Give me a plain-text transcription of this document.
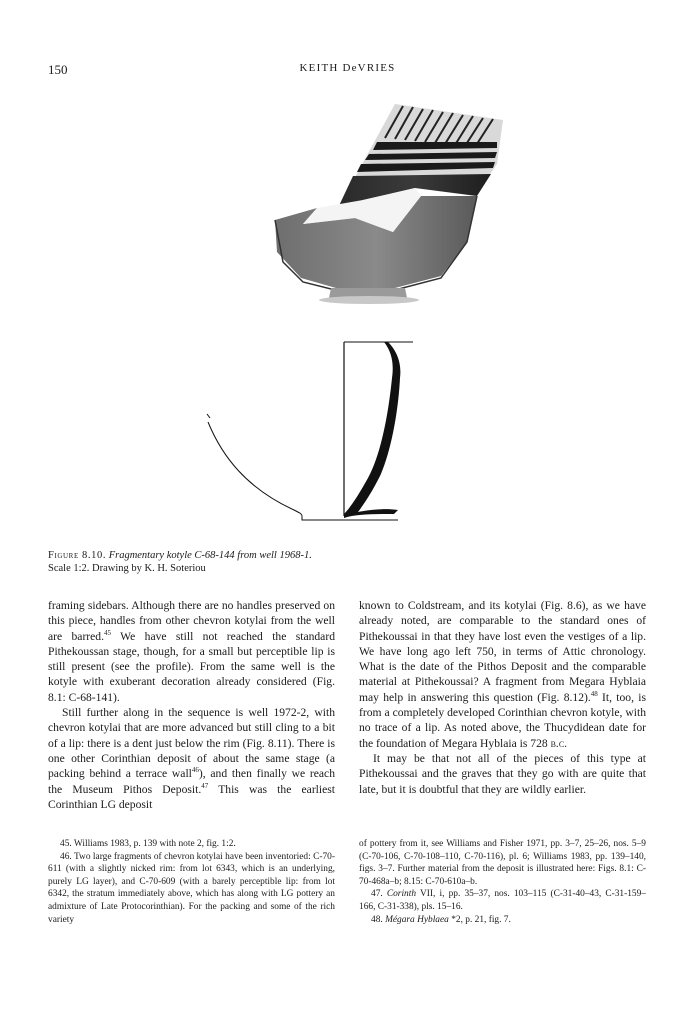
150	KEITH DeVRIES
Figure 8.10. Fragmentary kotyle C-68-144 from well 1968-1.
Scale 1:2. Drawing by K. H. Soteriou

framing sidebars. Although there are no handles preserved on this piece, handles from other chevron kotylai from the well are barred.$^{45}$ We have still not reached the standard Pithekoussan stage, though, for a small but perceptible lip is still present (see the profile). From the same well is the kotyle with exuberant decoration already considered (Fig. 8.1: C-68-141).

Still further along in the sequence is well 1972-2, with chevron kotylai that are more advanced but still cling to a bit of a lip: there is a dent just below the rim (Fig. 8.11). There is one other Corinthian deposit of about the same stage (a packing behind a terrace wall$^{46}$), and then finally we reach the Museum Pithos Deposit.$^{47}$ This was the earliest Corinthian LG deposit

known to Coldstream, and its kotylai (Fig. 8.6), as we have already noted, are comparable to the standard ones of Pithekoussai in that they have lost even the vestiges of a lip. We have long ago left 750, in terms of Attic chronology. What is the date of the Pithos Deposit and the comparable material at Pithekoussai? A fragment from Megara Hyblaia may help in answering this question (Fig. 8.12).$^{48}$ It, too, is from a completely developed Corinthian chevron kotyle, with no trace of a lip. As noted above, the Thucydidean date for the foundation of Megara Hyblaia is 728 b.c.

It may be that not all of the pieces of this type at Pithekoussai and the graves that they go with are quite that late, but it is doubtful that they are wildly earlier.

45. Williams 1983, p. 139 with note 2, fig. 1:2.

46. Two large fragments of chevron kotylai have been inventoried: C-70-611 (with a slightly nicked rim: from lot 6343, which is an underlying, purely LG layer), and C-70-609 (with a barely perceptible lip: from lot 6342, the stratum immediately above, which has along with LG pottery an admixture of Late Protocorinthian). For the packing and some of the rich variety

of pottery from it, see Williams and Fisher 1971, pp. 3–7, 25–26, nos. 5–9 (C-70-106, C-70-108–110, C-70-116), pl. 6; Williams 1983, pp. 139–140, figs. 3–7. Further material from the deposit is illustrated here: Figs. 8.1: C-70-468a–b; 8.15: C-70-610a–b.

47. Corinth VII, i, pp. 35–37, nos. 103–115 (C-31-40–43, C-31-159–166, C-31-338), pls. 15–16.

48. Mégara Hyblaea *2, p. 21, fig. 7.
